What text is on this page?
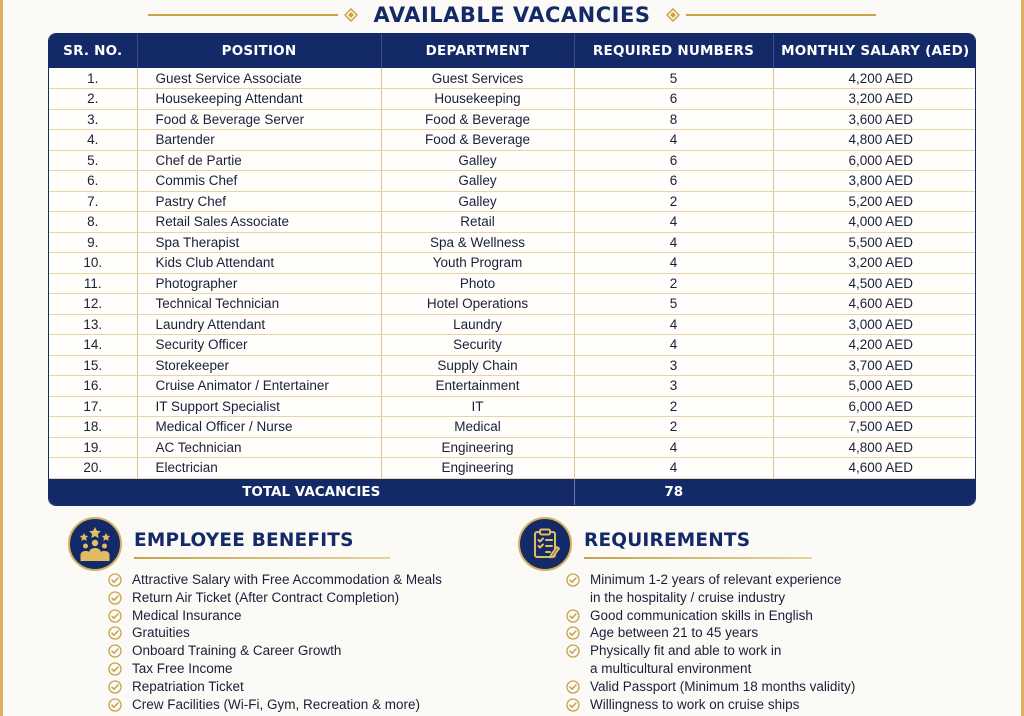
AVAILABLE VACANCIES
SR. NO.	POSITION	DEPARTMENT	REQUIRED NUMBERS	MONTHLY SALARY (AED)
1.	Guest Service Associate	Guest Services	5	4,200 AED
2.	Housekeeping Attendant	Housekeeping	6	3,200 AED
3.	Food & Beverage Server	Food & Beverage	8	3,600 AED
4.	Bartender	Food & Beverage	4	4,800 AED
5.	Chef de Partie	Galley	6	6,000 AED
6.	Commis Chef	Galley	6	3,800 AED
7.	Pastry Chef	Galley	2	5,200 AED
8.	Retail Sales Associate	Retail	4	4,000 AED
9.	Spa Therapist	Spa & Wellness	4	5,500 AED
10.	Kids Club Attendant	Youth Program	4	3,200 AED
11.	Photographer	Photo	2	4,500 AED
12.	Technical Technician	Hotel Operations	5	4,600 AED
13.	Laundry Attendant	Laundry	4	3,000 AED
14.	Security Officer	Security	4	4,200 AED
15.	Storekeeper	Supply Chain	3	3,700 AED
16.	Cruise Animator / Entertainer	Entertainment	3	5,000 AED
17.	IT Support Specialist	IT	2	6,000 AED
18.	Medical Officer / Nurse	Medical	2	7,500 AED
19.	AC Technician	Engineering	4	4,800 AED
20.	Electrician	Engineering	4	4,600 AED
TOTAL VACANCIES			78	
EMPLOYEE BENEFITS
Attractive Salary with Free Accommodation & Meals
Return Air Ticket (After Contract Completion)
Medical Insurance
Gratuities
Onboard Training & Career Growth
Tax Free Income
Repatriation Ticket
Crew Facilities (Wi-Fi, Gym, Recreation & more)
REQUIREMENTS
Minimum 1-2 years of relevant experience
in the hospitality / cruise industry
Good communication skills in English
Age between 21 to 45 years
Physically fit and able to work in
a multicultural environment
Valid Passport (Minimum 18 months validity)
Willingness to work on cruise ships
